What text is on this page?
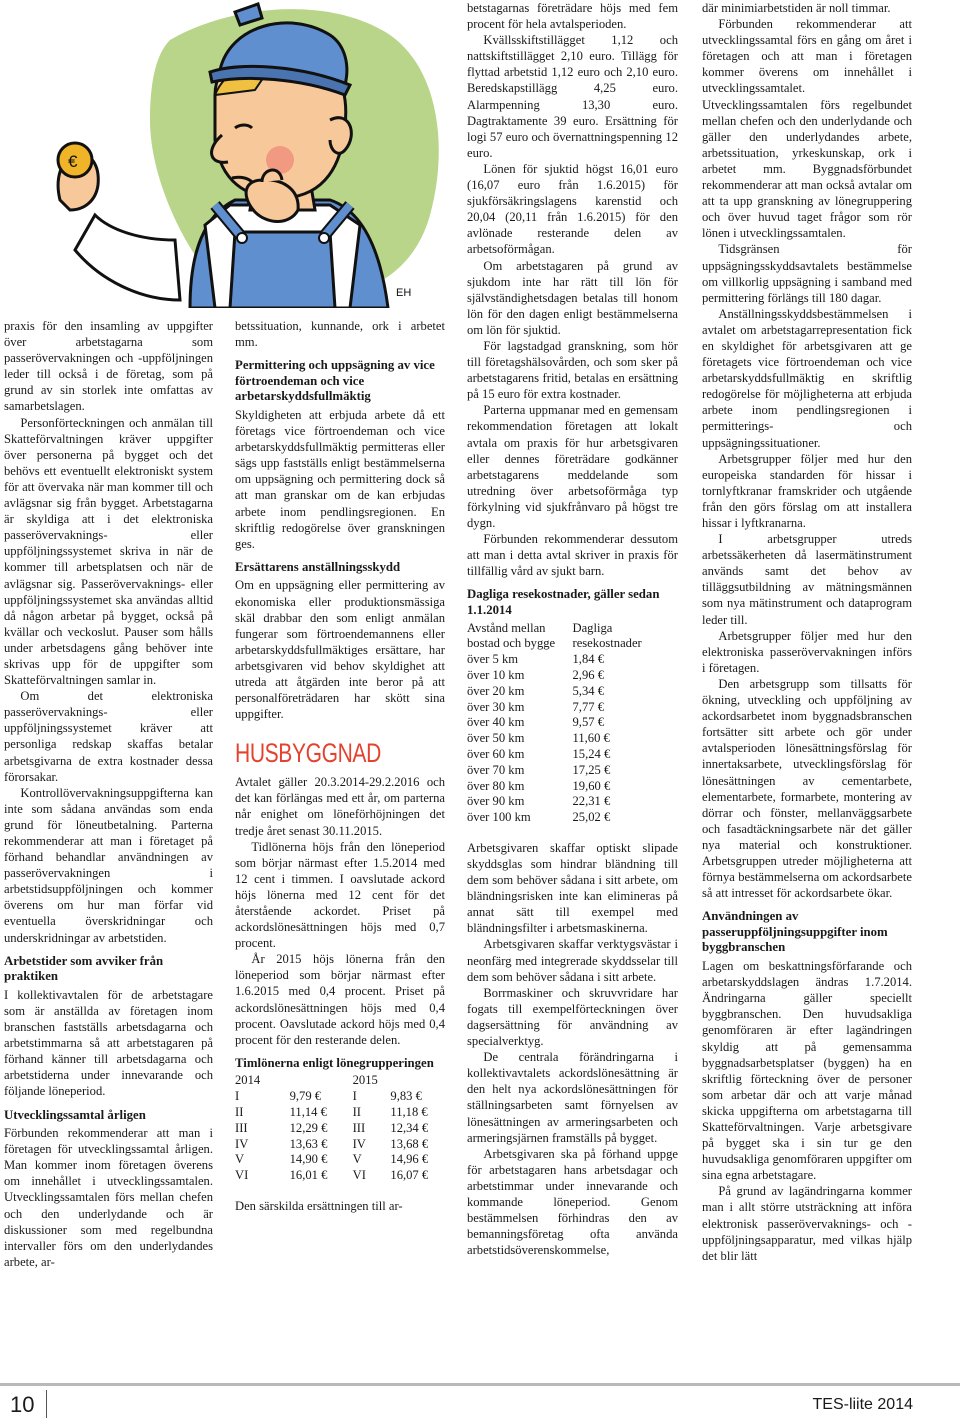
€
EH

praxis för den insamling av uppgifter över arbetstagarna som passerövervakningen och -uppföljningen leder till också i de företag, som på grund av sin storlek inte omfattas av samarbetslagen.

Personförteckningen och anmälan till Skatteförvaltningen kräver uppgifter över personerna på bygget och det behövs ett eventuellt elektroniskt system för att övervaka när man kommer till och avlägsnar sig från bygget. Arbetstagarna är skyldiga att i det elektroniska passerövervaknings- eller uppföljningssystemet skriva in när de kommer till arbetsplatsen och när de avlägsnar sig. Passerövervaknings- eller uppföljningssystemet ska användas alltid då någon arbetar på bygget, också på kvällar och veckoslut. Pauser som hålls under arbetsdagens gång behöver inte skrivas upp för de uppgifter som Skatteförvaltningen samlar in.

Om det elektroniska passerövervaknings- eller uppföljningssystemet kräver att personliga redskap skaffas betalar arbetsgivarna de extra kostnader dessa förorsakar.

Kontrollövervakningsuppgifterna kan inte som sådana användas som enda grund för löneutbetalning. Parterna rekommenderar att man i företaget på förhand behandlar användningen av passerövervakningen i arbetstidsuppföljningen och kommer överens om hur man förfar vid eventuella överskridningar och underskridningar av arbetstiden.

Arbetstider som avviker från praktiken

I kollektivavtalen för de arbetstagare som är anställda av företagen inom branschen fastställs arbetsdagarna och arbetstimmarna så att arbetstagaren på förhand känner till arbetsdagarna och arbetstiderna under innevarande och följande löneperiod.

Utvecklingssamtal årligen

Förbunden rekommenderar att man i företagen för utvecklingssamtal årligen. Man kommer inom företagen överens om innehållet i utvecklingssamtalen. Utvecklingssamtalen förs mellan chefen och den underlydande och är diskussioner som med regelbundna intervaller förs om den underlydandes arbete, ar-

betssituation, kunnande, ork i arbetet mm.

Permittering och uppsägning av vice förtroendeman och vice arbetarskyddsfullmäktig

Skyldigheten att erbjuda arbete då ett företags vice förtroendeman och vice arbetarskyddsfullmäktig permitteras eller sägs upp fastställs enligt bestämmelserna om uppsägning och permittering dock så att man granskar om de kan erbjudas arbete inom pendlingsregionen. En skriftlig redogörelse över granskningen ges.

Ersättarens anställningsskydd

Om en uppsägning eller permittering av ekonomiska eller produktionsmässiga skäl drabbar den som enligt anmälan fungerar som förtroendemannens eller arbetarskyddsfullmäktiges ersättare, har arbetsgivaren vid behov skyldighet att utreda att åtgärden inte beror på att personalföreträdaren har skött sina uppgifter.

HUSBYGGNAD

Avtalet gäller 20.3.2014-29.2.2016 och det kan förlängas med ett år, om parterna når enighet om löneförhöjningen det tredje året senast 30.11.2015.

Tidlönerna höjs från den löneperiod som börjar närmast efter 1.5.2014 med 12 cent i timmen. I oavslutade ackord höjs lönerna med 12 cent för det återstående ackordet. Priset på ackordslönesättningen höjs med 0,7 procent.

År 2015 höjs lönerna från den löneperiod som börjar närmast efter 1.6.2015 med 0,4 procent. Priset på ackordslönesättningen höjs med 0,4 procent. Oavslutade ackord höjs med 0,4 procent för den resterande delen.

Timlönerna enligt lönegrupperingen
2014		2015	
I	9,79 €	I	9,83 €
II	11,14 €	II	11,18 €
III	12,29 €	III	12,34 €
IV	13,63 €	IV	13,68 €
V	14,90 €	V	14,96 €
VI	16,01 €	VI	16,07 €

Den särskilda ersättningen till ar-

betstagarnas företrädare höjs med fem procent för hela avtalsperioden.

Kvällsskiftstillägget 1,12 och nattskiftstillägget 2,10 euro. Tillägg för flyttad arbetstid 1,12 euro och 2,10 euro. Beredskapstillägg 4,25 euro. Alarmpenning 13,30 euro. Dagtraktamente 39 euro. Ersättning för logi 57 euro och övernattningspenning 12 euro.

Lönen för sjuktid högst 16,01 euro (16,07 euro från 1.6.2015) för sjukförsäkringslagens karenstid och 20,04 (20,11 från 1.6.2015) för den avlönade resterande delen av arbetsoförmågan.

Om arbetstagaren på grund av sjukdom inte har rätt till lön för självständighetsdagen betalas till honom lön för den dagen enligt bestämmelserna om lön för sjuktid.

För lagstadgad granskning, som hör till företagshälsovården, och som sker på arbetstagarens fritid, betalas en ersättning på 15 euro för extra kostnader.

Parterna uppmanar med en gemensam rekommendation företagen att lokalt avtala om praxis för hur arbetsgivaren eller dennes företrädare godkänner arbetstagarens meddelande som utredning över arbetsoförmåga typ förkylning vid sjukfrånvaro på högst tre dygn.

Förbunden rekommenderar dessutom att man i detta avtal skriver in praxis för tillfällig vård av sjukt barn.

Dagliga resekostnader, gäller sedan 1.1.2014
Avstånd mellan bostad och bygge	Dagliga resekostnader
över 5 km	1,84 €
över 10 km	2,96 €
över 20 km	5,34 €
över 30 km	7,77 €
över 40 km	9,57 €
över 50 km	11,60 €
över 60 km	15,24 €
över 70 km	17,25 €
över 80 km	19,60 €
över 90 km	22,31 €
över 100 km	25,02 €

Arbetsgivaren skaffar optiskt slipade skyddsglas som hindrar bländning till dem som behöver sådana i sitt arbete, om bländningsrisken inte kan elimineras på annat sätt till exempel med bländningsfilter i arbetsmaskinerna.

Arbetsgivaren skaffar verktygsvästar i neonfärg med integrerade skyddsselar till dem som behöver sådana i sitt arbete.

Borrmaskiner och skruvvridare har fogats till exempelförteckningen över dagsersättning för användning av specialverktyg.

De centrala förändringarna i kollektivavtalets ackordslönesättning är den helt nya ackordslönesättningen för ställningsarbeten samt förnyelsen av lönesättningen av armeringsarbeten och armeringsjärnen framställs på bygget.

Arbetsgivaren ska på förhand uppge för arbetstagaren hans arbetsdagar och arbetstimmar under innevarande och kommande löneperiod. Genom bestämmelsen förhindras den av bemanningsföretag ofta använda arbetstidsöverenskommelse,

där minimiarbetstiden är noll timmar.

Förbunden rekommenderar att utvecklingssamtal förs en gång om året i företagen och att man i företagen kommer överens om innehållet i utvecklingssamtalet. Utvecklingssamtalen förs regelbundet mellan chefen och den underlydande och gäller den underlydandes arbete, arbetssituation, yrkeskunskap, ork i arbetet mm. Byggnadsförbundet rekommenderar att man också avtalar om att ta upp granskning av lönegruppering och över huvud taget frågor som rör lönen i utvecklingssamtalen.

Tidsgränsen för uppsägningsskyddsavtalets bestämmelse om villkorlig uppsägning i samband med permittering förlängs till 180 dagar.

Anställningsskyddsbestämmelsen i avtalet om arbetstagarrepresentation fick en skyldighet för arbetsgivaren att ge företagets vice förtroendeman och vice arbetarskyddsfullmäktig en skriftlig redogörelse för möjligheterna att erbjuda arbete inom pendlingsregionen i permitterings- och uppsägningssituationer.

Arbetsgrupper följer med hur den europeiska standarden för hissar i tornlyftkranar framskrider och utgående från den görs förslag om att installera hissar i lyftkranarna.

I arbetsgrupper utreds arbetssäkerheten då lasermätinstrument används samt det behov av tilläggsutbildning av mätningsmännen som nya mätinstrument och dataprogram leder till.

Arbetsgrupper följer med hur den elektroniska passerövervakningen införs i företagen.

Den arbetsgrupp som tillsatts för ökning, utveckling och uppföljning av ackordsarbetet inom byggnadsbranschen fortsätter sitt arbete och gör under avtalsperioden lönesättningsförslag för innertaksarbete, utvecklingsförslag för lönesättningen av cementarbete, elementarbete, formarbete, montering av dörrar och fönster, mellanväggsarbete och fasadtäckningsarbete när det gäller nya material och konstruktioner. Arbetsgruppen utreder möjligheterna att förnya bestämmelserna om ackordsarbete så att intresset för ackordsarbete ökar.

Användningen av passeruppföljningsuppgifter inom byggbranschen

Lagen om beskattningsförfarande och arbetarskyddslagen ändras 1.7.2014. Ändringarna gäller speciellt byggbranschen. Den huvudsakliga genomföraren är efter lagändringen skyldig att på gemensamma byggnadsarbetsplatser (byggen) ha en skriftlig förteckning över de personer som arbetar där och att varje månad skicka uppgifterna om arbetstagarna till Skatteförvaltningen. Varje arbetsgivare på bygget ska i sin tur ge den huvudsakliga genomföraren uppgifter om sina egna arbetstagare.

På grund av lagändringarna kommer man i allt större utsträckning att införa elektronisk passerövervaknings- och -uppföljningsapparatur, med vilkas hjälp det blir lätt

10	TES-liite 2014
